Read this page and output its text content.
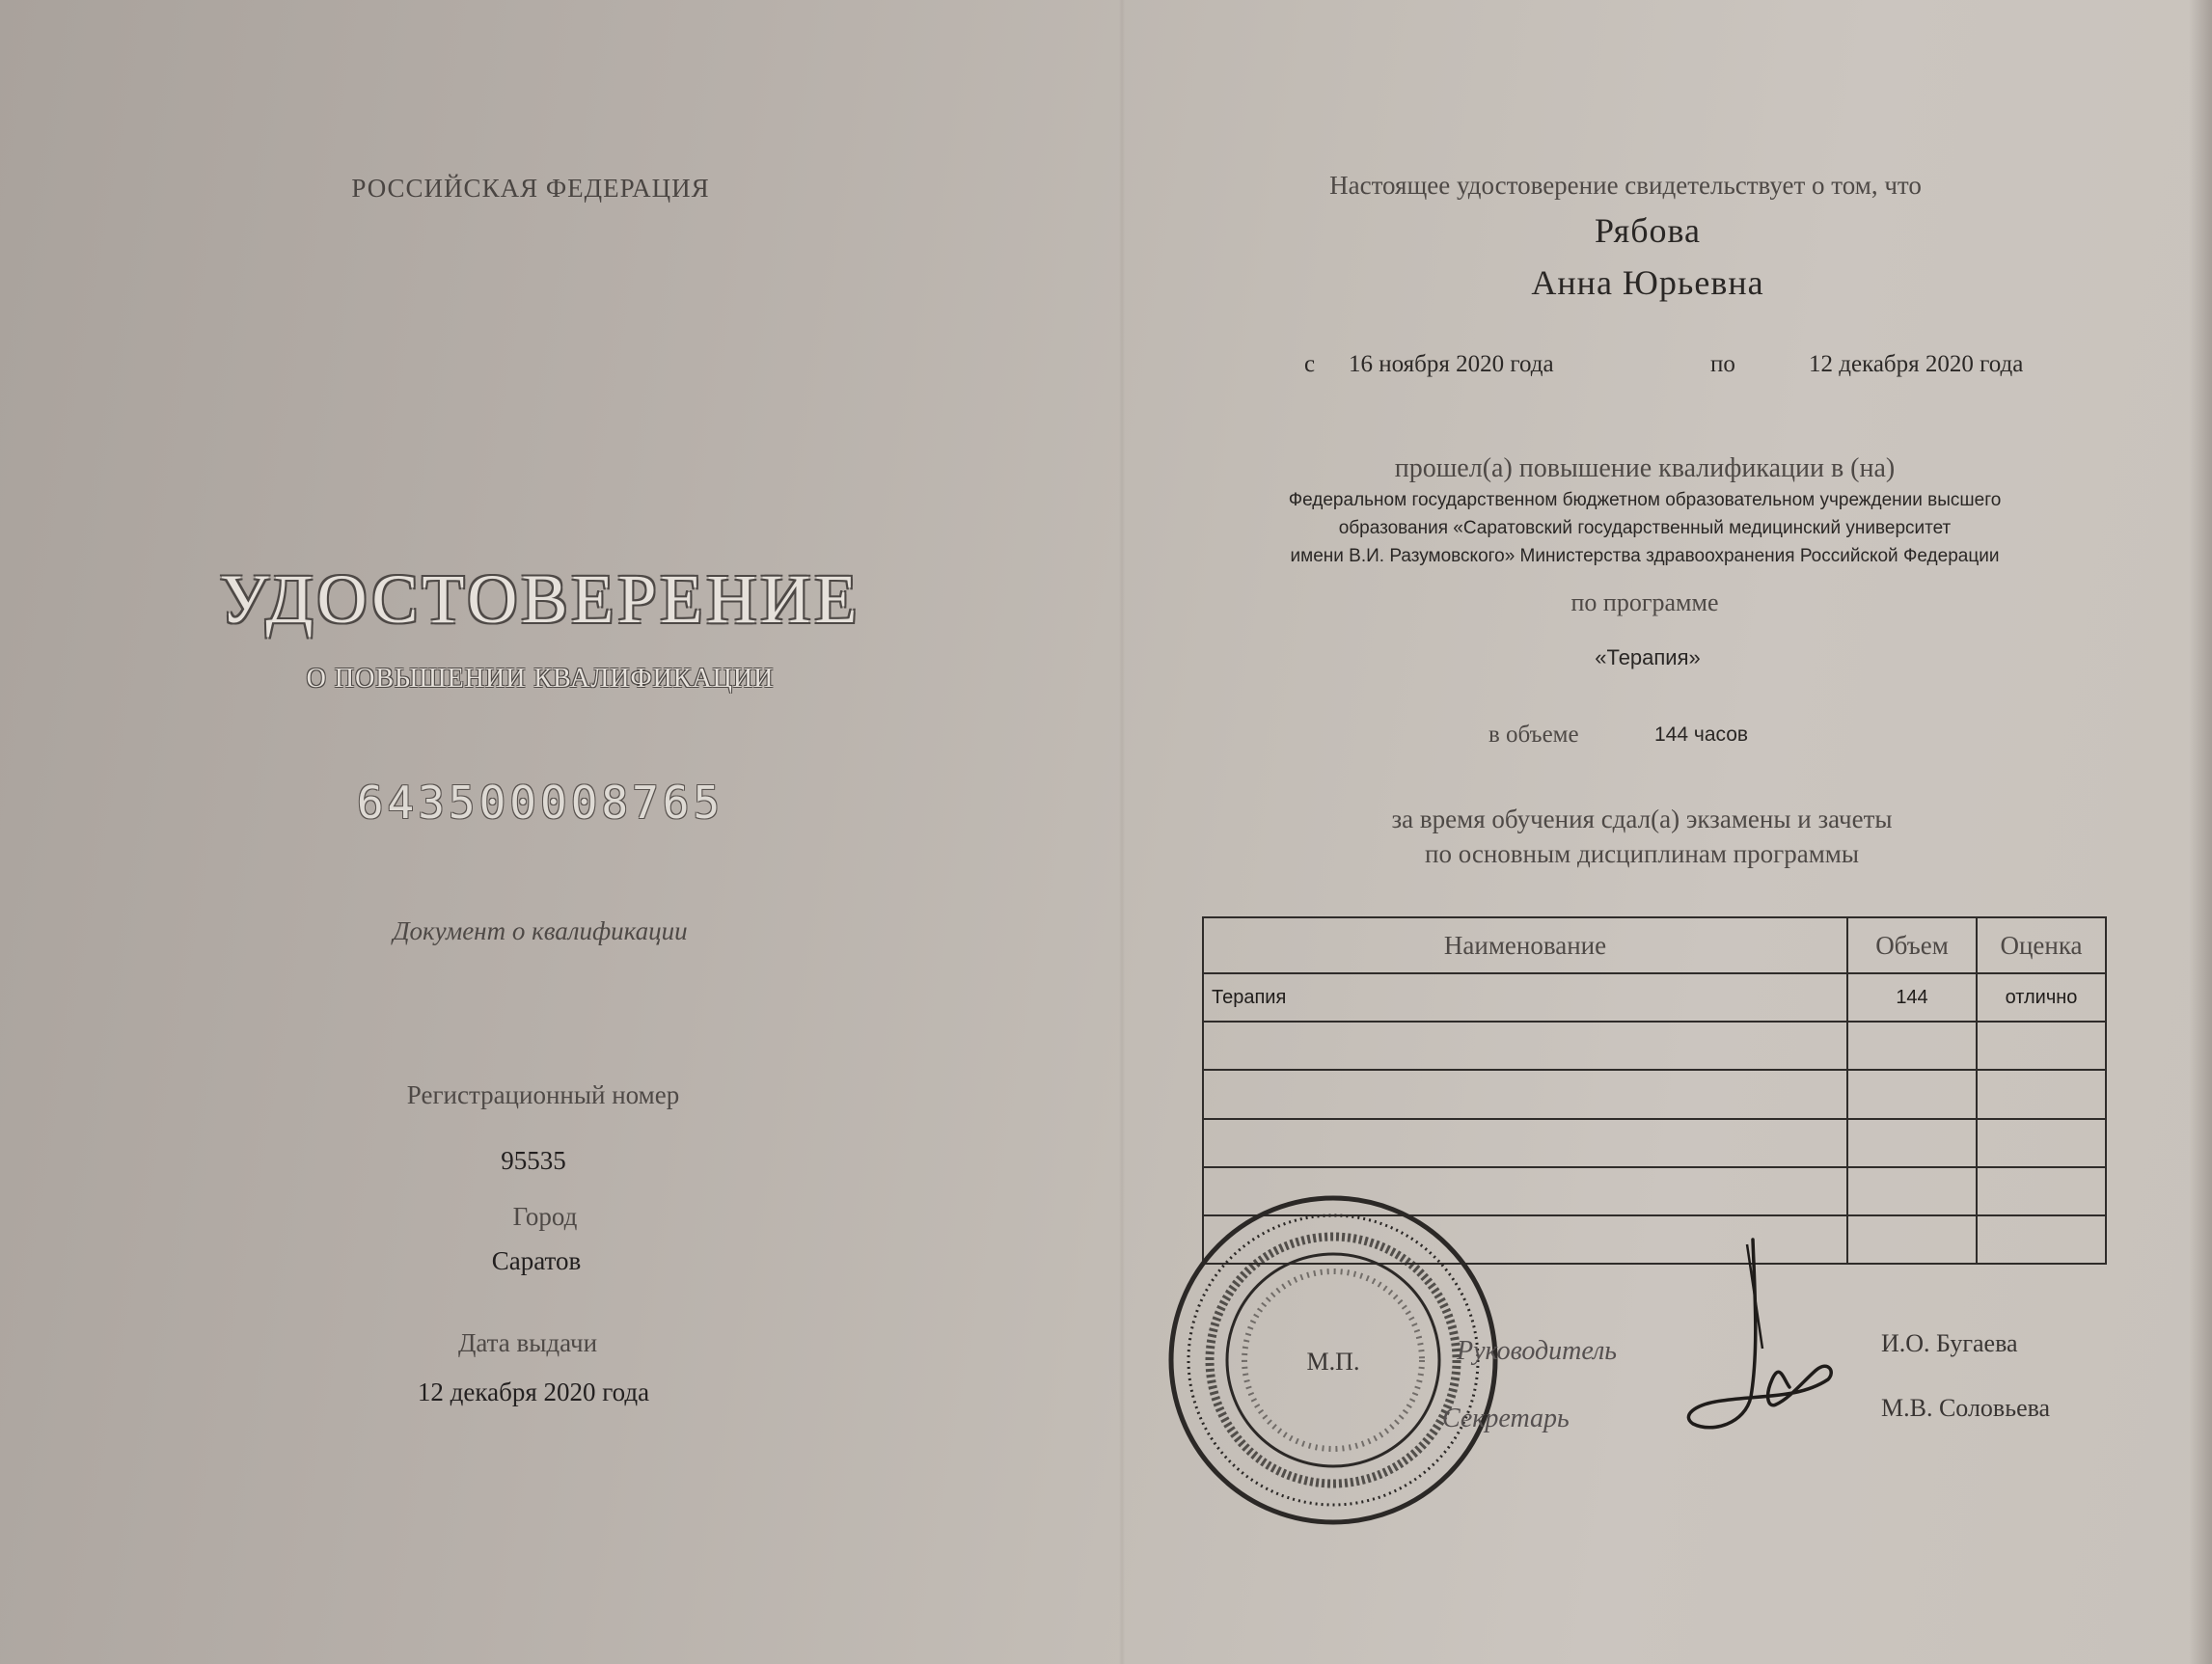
РОССИЙСКАЯ ФЕДЕРАЦИЯ
УДОСТОВЕРЕНИЕ
О ПОВЫШЕНИИ КВАЛИФИКАЦИИ
643500008765
Документ о квалификации
Регистрационный номер
95535
Город
Саратов
Дата выдачи
12 декабря 2020 года
Настоящее удостоверение свидетельствует о том, что
Рябова
Анна Юрьевна
с 16 ноября 2020 года	по	12 декабря 2020 года
прошел(а) повышение квалификации в (на)
Федеральном государственном бюджетном образовательном учреждении высшего
образования «Саратовский государственный медицинский университет
имени В.И. Разумовского» Министерства здравоохранения Российской Федерации
по программе
«Терапия»
в объеме	144 часов
за время обучения сдал(а) экзамены и зачеты
по основным дисциплинам программы
Наименование	Объем	Оценка
Терапия	144	отлично

М.П.	Руководитель
Секретарь
И.О. Бугаева
М.В. Соловьева
